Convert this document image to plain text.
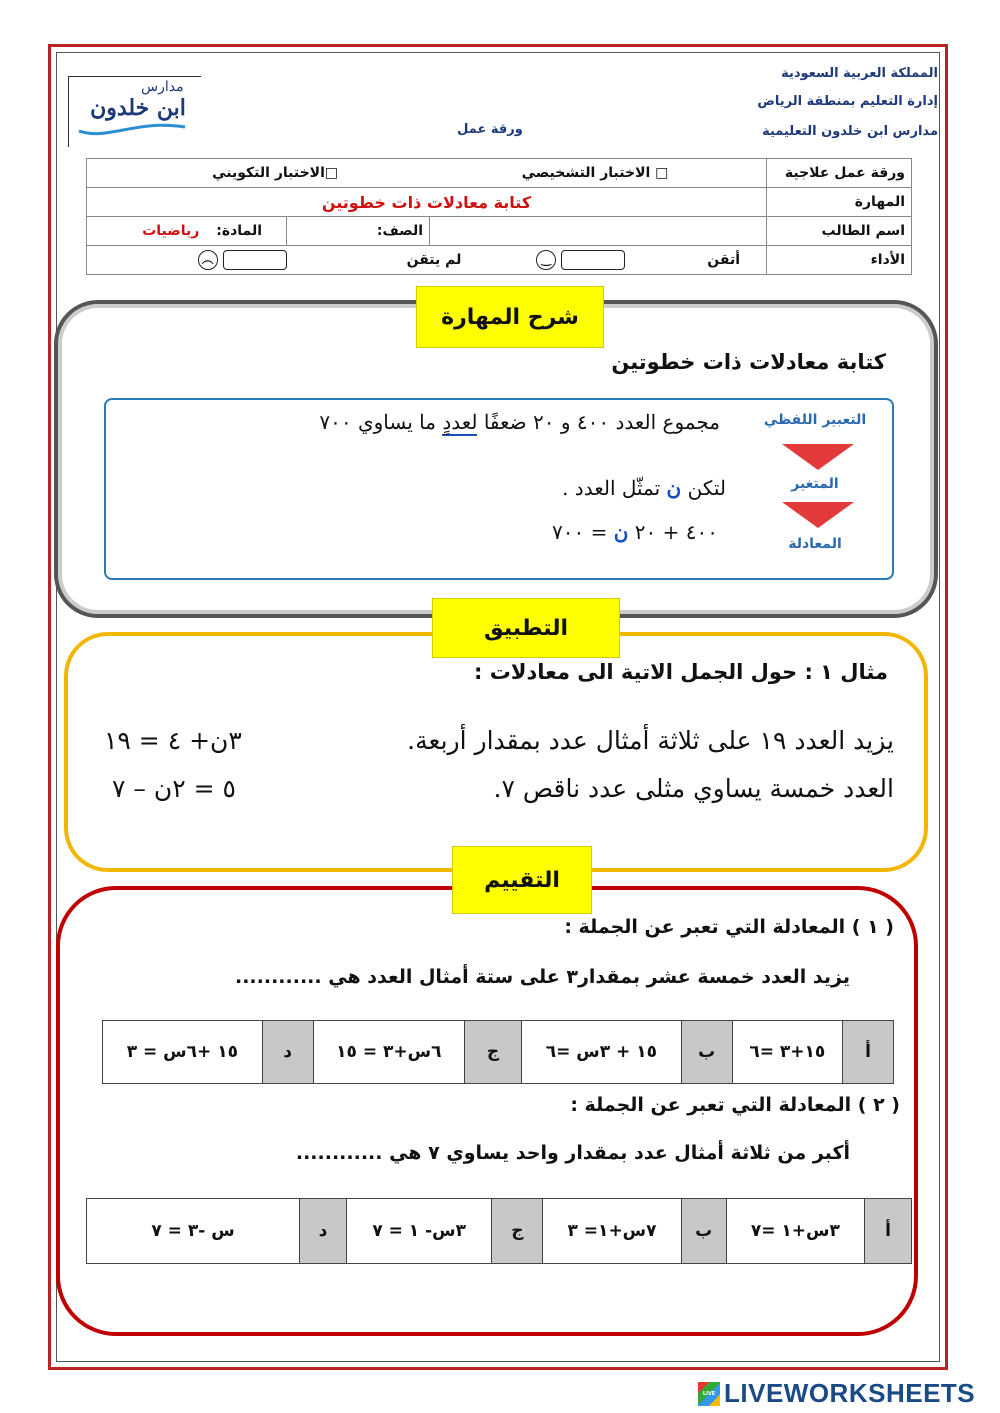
المملكة العربية السعودية
إدارة التعليم بمنطقة الرياض
مدارس ابن خلدون التعليمية
ورقة عمل
مدارس
ابن خلدون
ورقة عمل علاجية	□ الاختبار التشخيصي □الاختبار التكويني		
المهارة	كتابة معادلات ذات خطوتين		
اسم الطالب		الصف:	المادة: رياضيات
الأداء	أتقن  ‿ لم يتقن  ︵		
شرح المهارة
كتابة معادلات ذات خطوتين
التعبير اللفظي
المتغير
المعادلة
مجموع العدد ٤٠٠ و ٢٠ ضعفًا لعددٍ ما يساوي ٧٠٠
لتكن ن تمثّل العدد .
٤٠٠ + ٢٠ ن = ٧٠٠
التطبيق
مثال ١ : حول الجمل الاتية الى معادلات :
يزيد العدد ١٩ على ثلاثة أمثال عدد بمقدار أربعة.
٣ن+ ٤ = ١٩
العدد خمسة يساوي مثلى عدد ناقص ٧.
٥ = ٢ن – ٧
التقييم
( ١ ) المعادلة التي تعبر عن الجملة :
يزيد العدد خمسة عشر بمقدار٣ على ستة أمثال العدد هي ............
أ	١٥+٣ =٦	ب	١٥ + ٣س =٦	ج	٦س+٣ = ١٥	د	١٥ +٦س = ٣
( ٢ ) المعادلة التي تعبر عن الجملة :
أكبر من ثلاثة أمثال عدد بمقدار واحد يساوي ٧ هي ............
أ	٣س+١ =٧	ب	٧س+١= ٣	ج	٣س- ١ = ٧	د	س -٣ = ٧
LIVE LIVEWORKSHEETS
